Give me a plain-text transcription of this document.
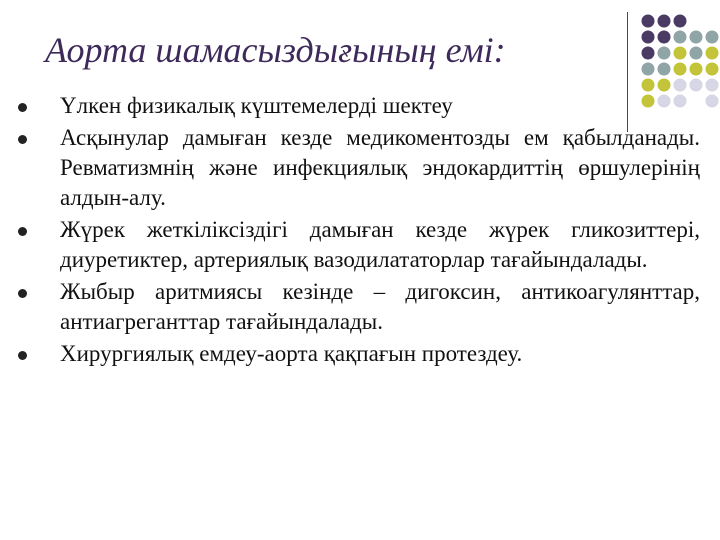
Аорта шамасыздығының емі:
Үлкен физикалық күштемелерді шектеу
Асқынулар дамыған кезде медикоментозды ем қабылданады. Ревматизмнің және инфекциялық эндокардиттің өршулерінің алдын-алу.
Жүрек жеткіліксіздігі дамыған кезде жүрек гликозиттері, диуретиктер, артериялық вазодилататорлар тағайындалады.
Жыбыр аритмиясы кезінде – дигоксин, антикоагулянттар, антиагреганттар тағайындалады.
Хирургиялық емдеу-аорта қақпағын протездеу.
